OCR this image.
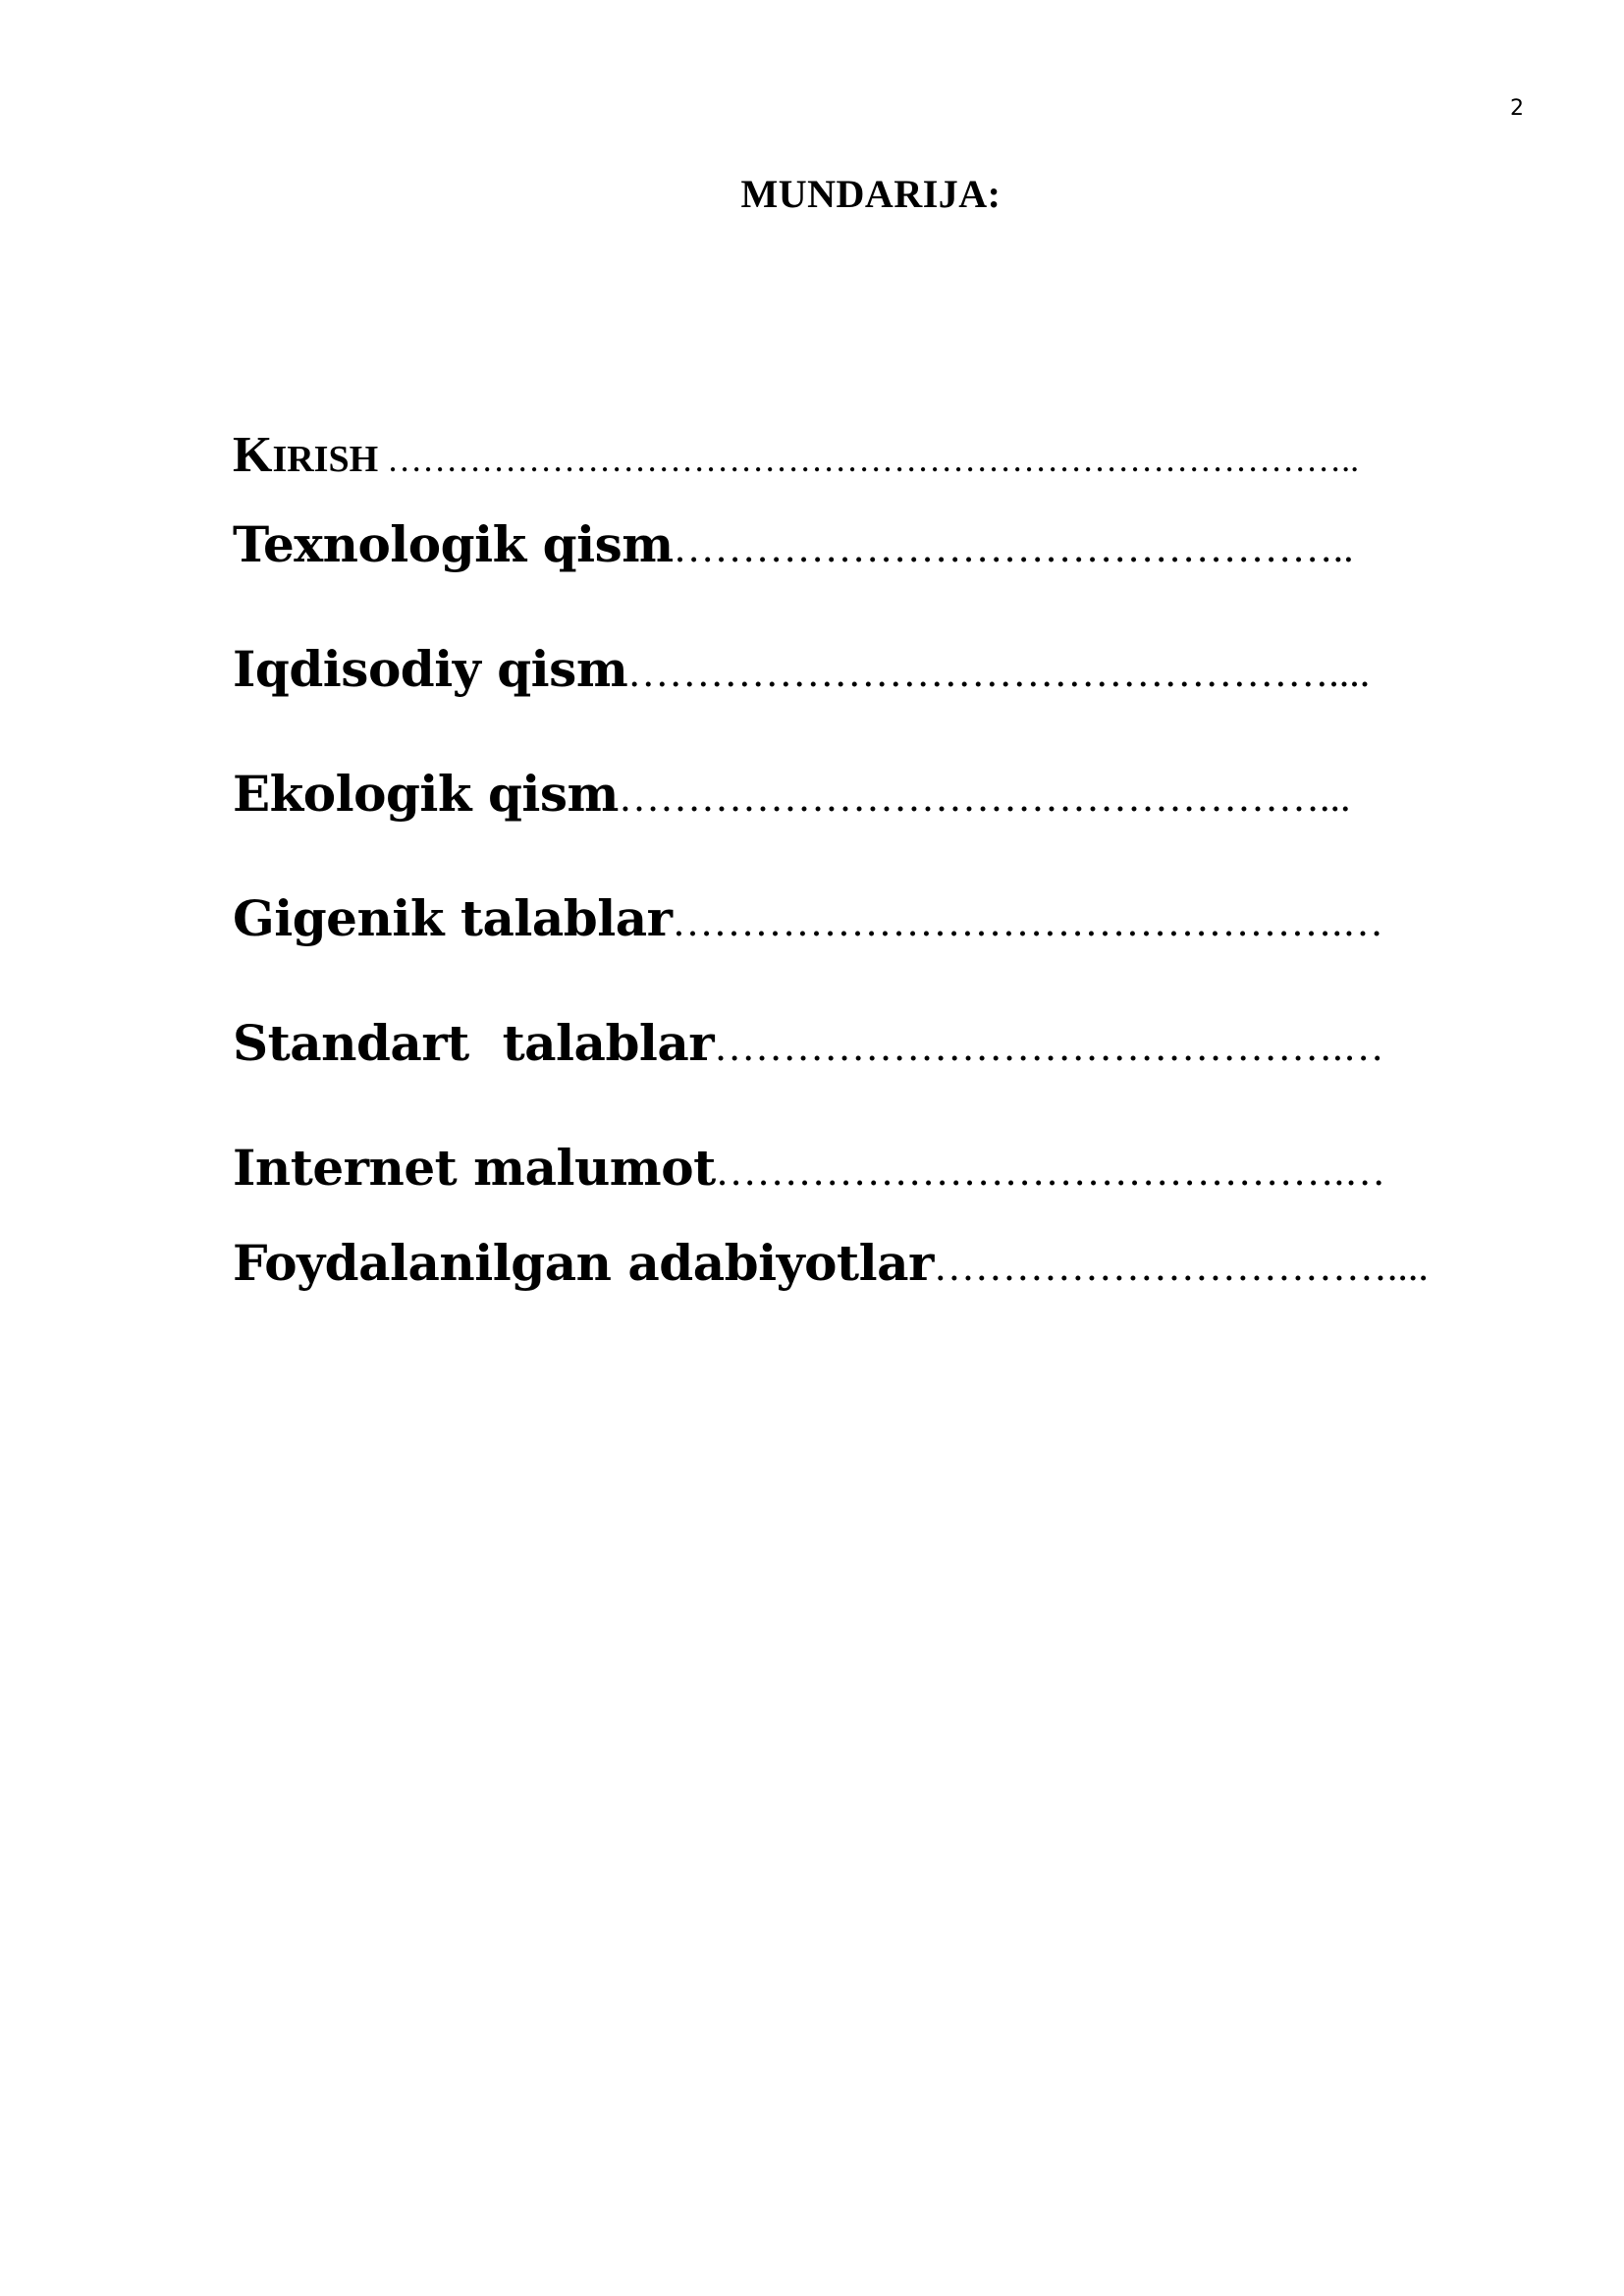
2
MUNDARIJA:
KIRISH ………………………………………………………………………..
Texnologik qism…………………………………………..
Iqdisodiy qism……………………………………………....
Ekologik qism……………………………………………...
Gigenik talablar………………………………………….…
Standart  talablar……………………………………….…
Internet malumot……………………………………….…
Foydalanilgan adabiyotlar……………………………....
